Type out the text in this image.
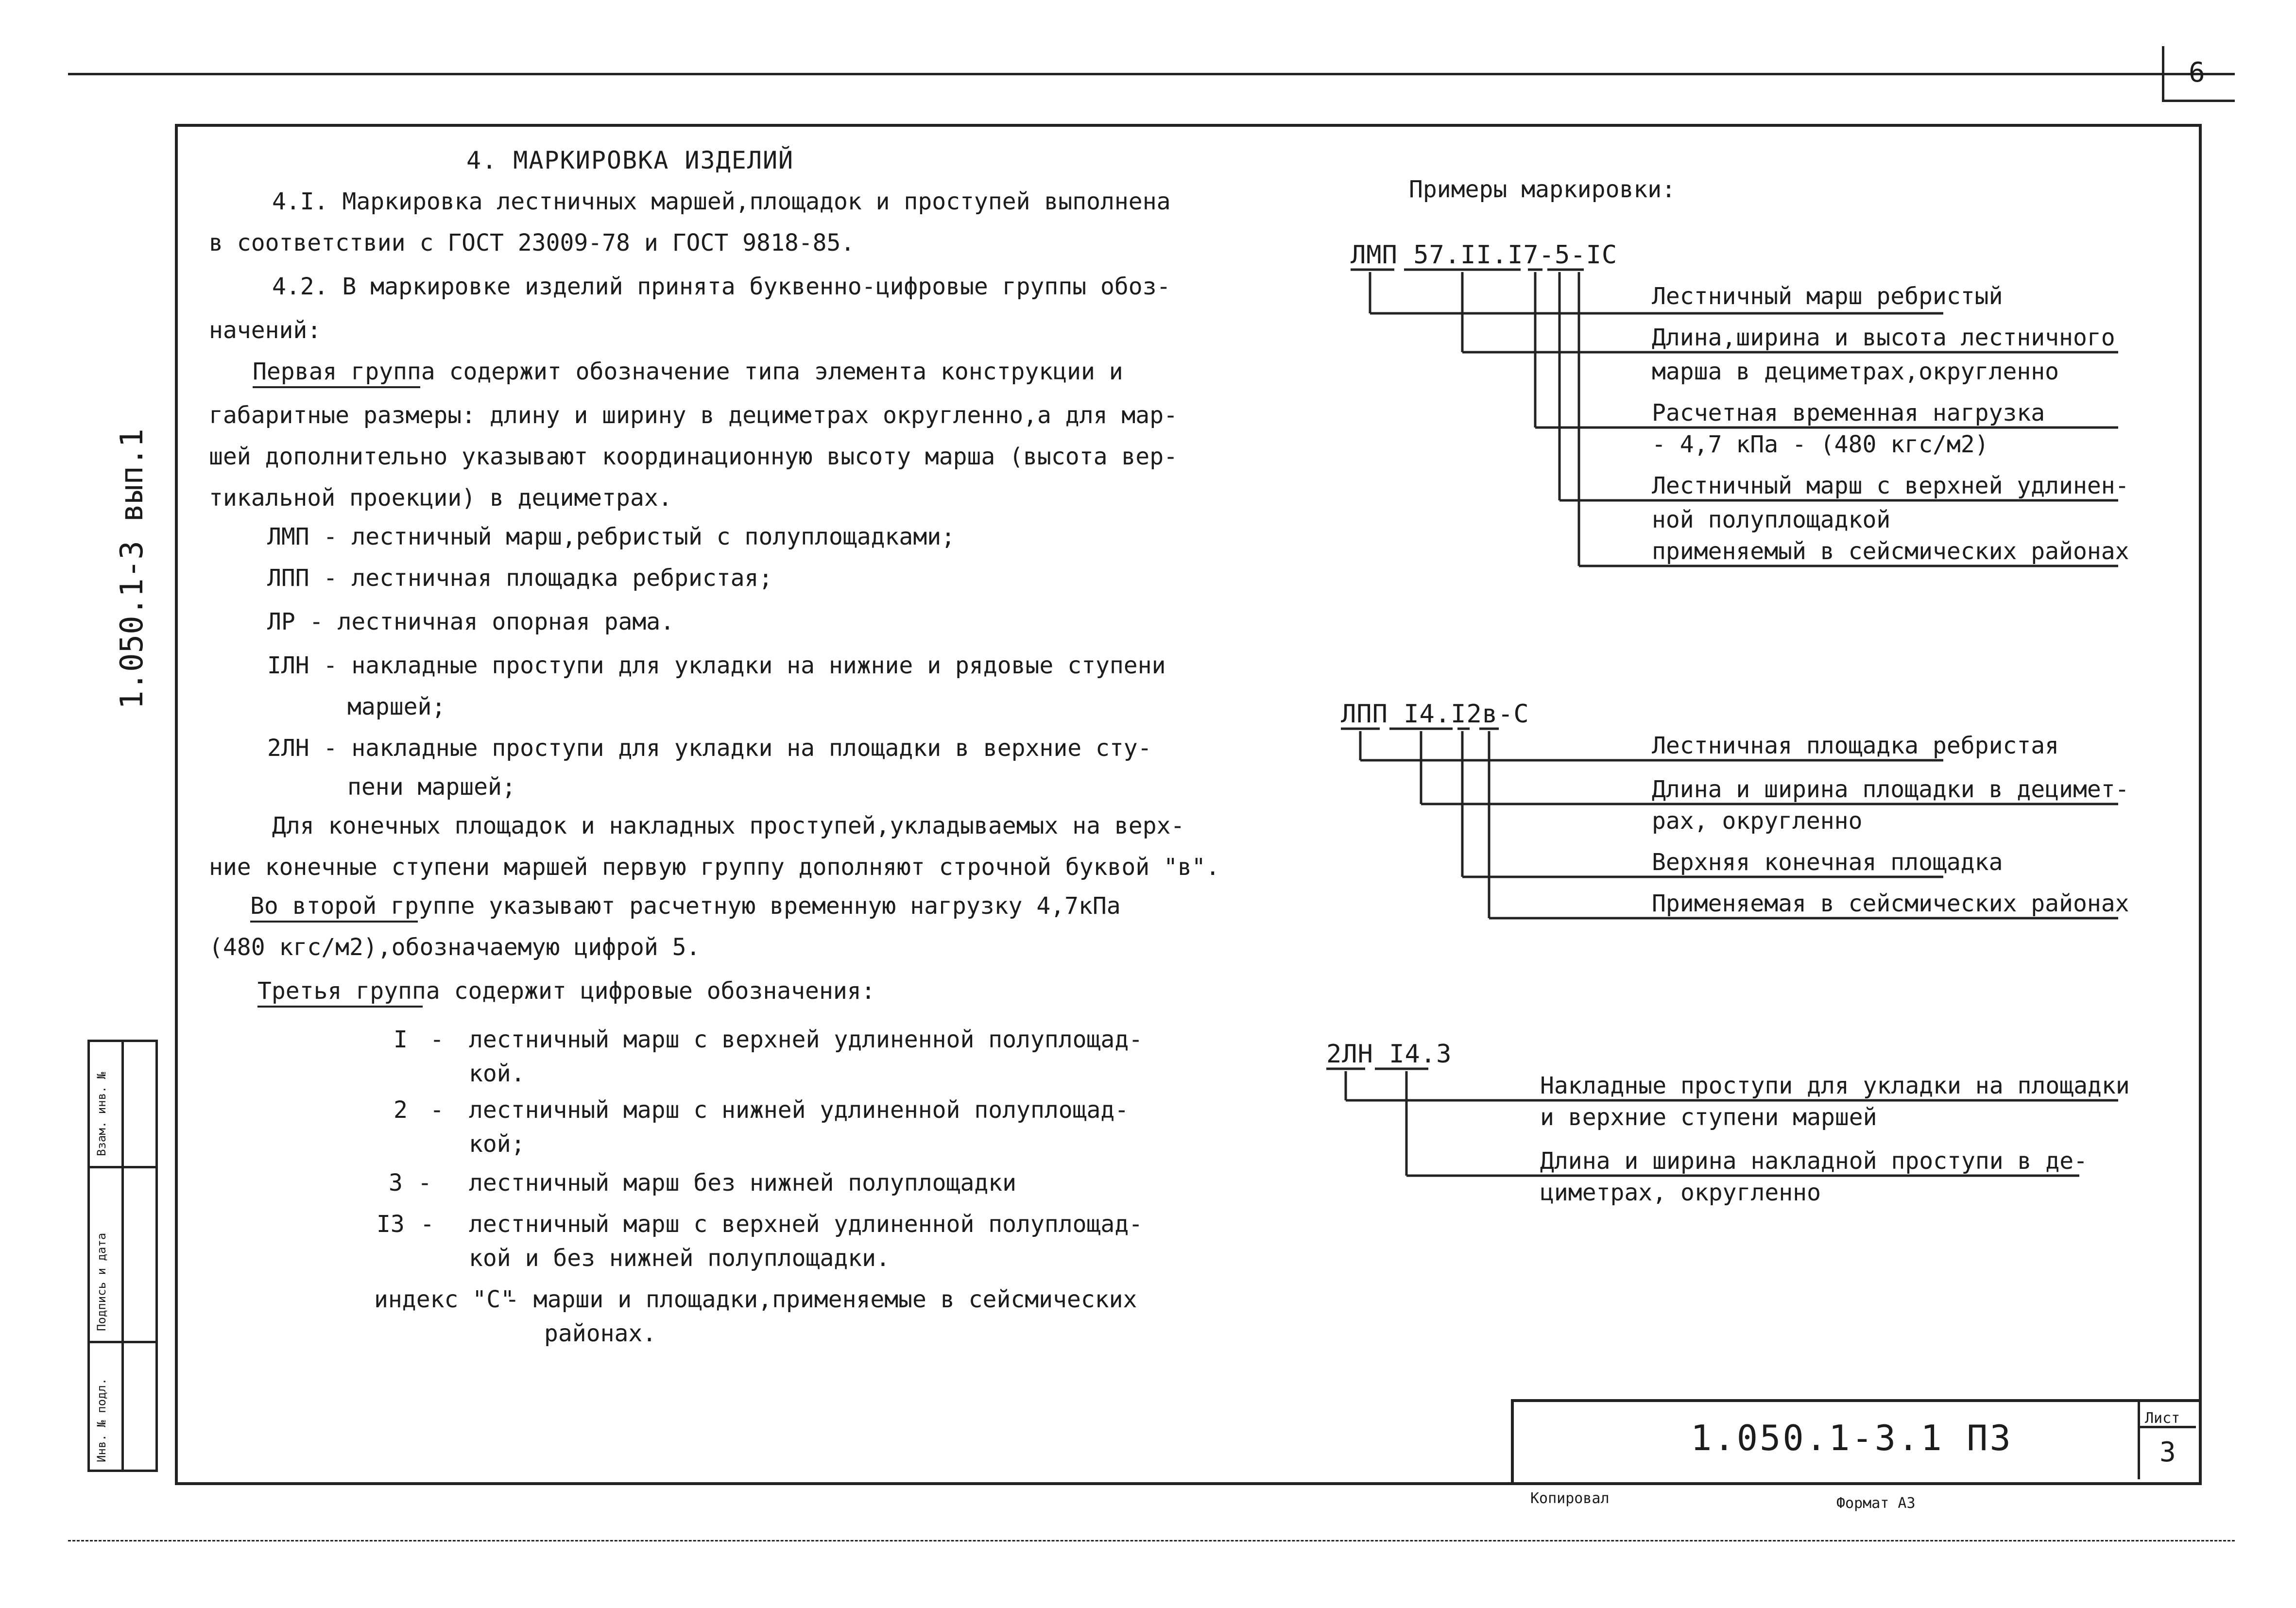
6
1.050.1-3 вып.1
Инв. № подл.
Подпись и дата
Взам. инв. №
4. МАРКИРОВКА ИЗДЕЛИЙ
4.I. Маркировка лестничных маршей,площадок и проступей выполнена
в соответствии с ГОСТ 23009-78 и ГОСТ 9818-85.
4.2. В маркировке изделий принята буквенно-цифровые группы обоз-
начений:
Первая группа содержит обозначение типа элемента конструкции и
габаритные размеры: длину и ширину в дециметрах округленно,а для мар-
шей дополнительно указывают координационную высоту марша (высота вер-
тикальной проекции) в дециметрах.
ЛМП - лестничный марш,ребристый с полуплощадками;
ЛПП - лестничная площадка ребристая;
ЛР - лестничная опорная рама.
ІЛН - накладные проступи для укладки на нижние и рядовые ступени
маршей;
2ЛН - накладные проступи для укладки на площадки в верхние сту-
пени маршей;
Для конечных площадок и накладных проступей,укладываемых на верх-
ние конечные ступени маршей первую группу дополняют строчной буквой "в".
Во второй группе указывают расчетную временную нагрузку 4,7кПа
(480 кгс/м2),обозначаемую цифрой 5.
Третья группа содержит цифровые обозначения:
I - лестничный марш с верхней удлиненной полуплощад-
кой.
2 - лестничный марш с нижней удлиненной полуплощад-
кой;
3 - лестничный марш без нижней полуплощадки
I3 - лестничный марш с верхней удлиненной полуплощад-
кой и без нижней полуплощадки.
индекс "С"
- марши и площадки,применяемые в сейсмических
районах.
Примеры маркировки:
ЛМП 57.II.I7-5-IС
Лестничный марш ребристый
Длина,ширина и высота лестничного
марша в дециметрах,округленно
Расчетная временная нагрузка
- 4,7 кПа - (480 кгс/м2)
Лестничный марш с верхней удлинен-
ной полуплощадкой
применяемый в сейсмических районах
ЛПП I4.I2в-С
Лестничная площадка ребристая
Длина и ширина площадки в децимет-
рах, округленно
Верхняя конечная площадка
Применяемая в сейсмических районах
2ЛН I4.3
Накладные проступи для укладки на площадки
и верхние ступени маршей
Длина и ширина накладной проступи в де-
циметрах, округленно
1.050.1-3.1 ПЗ	Лист
3
Копировал	Формат А3
